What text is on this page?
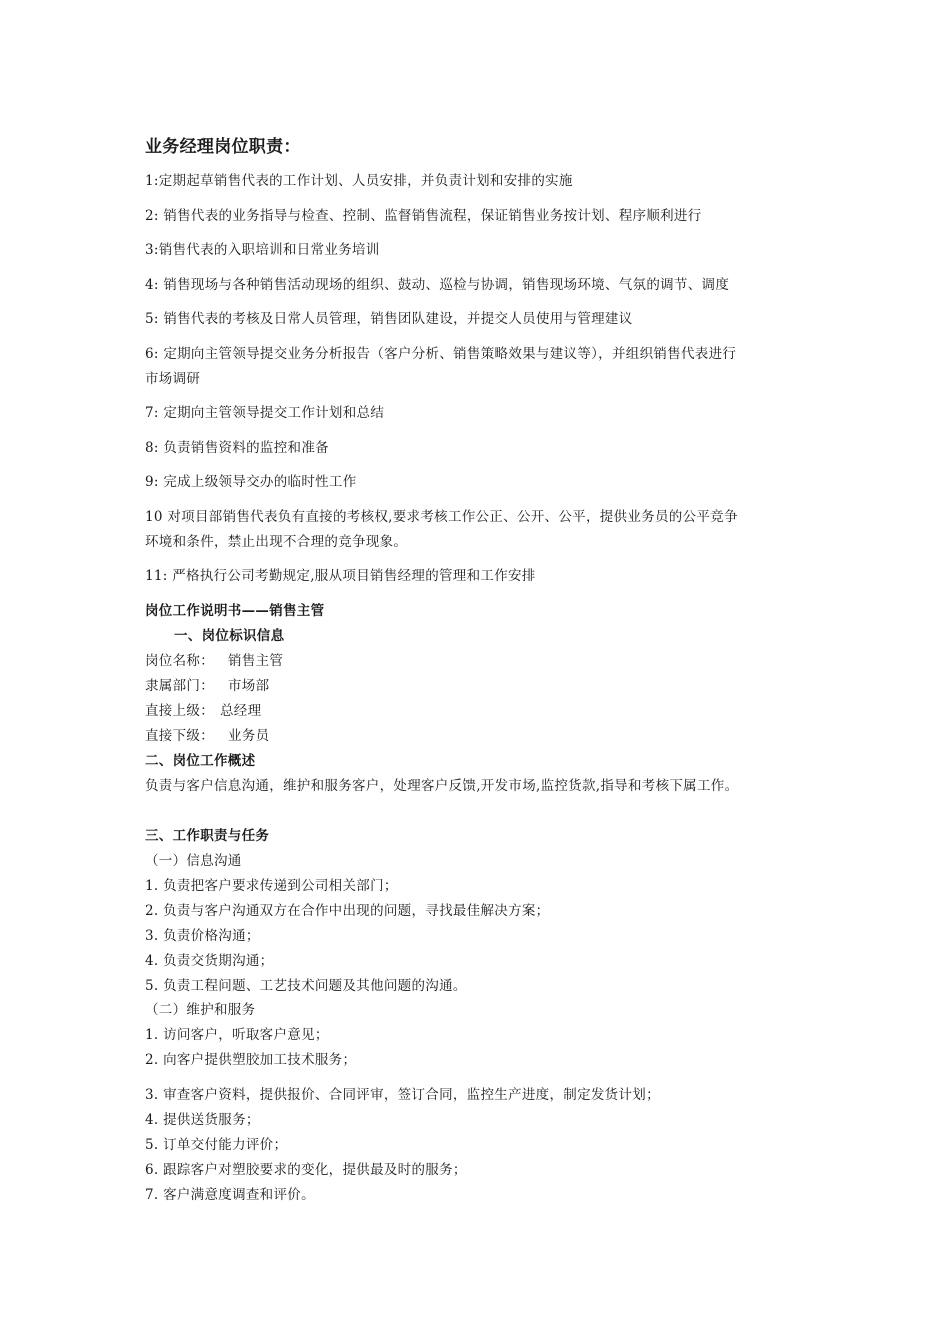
业务经理岗位职责：
1:定期起草销售代表的工作计划、人员安排，并负责计划和安排的实施
2: 销售代表的业务指导与检查、控制、监督销售流程，保证销售业务按计划、程序顺利进行
3:销售代表的入职培训和日常业务培训
4: 销售现场与各种销售活动现场的组织、鼓动、巡检与协调，销售现场环境、气氛的调节、调度
5: 销售代表的考核及日常人员管理，销售团队建设，并提交人员使用与管理建议
6: 定期向主管领导提交业务分析报告（客户分析、销售策略效果与建议等），并组织销售代表进行
市场调研
7: 定期向主管领导提交工作计划和总结
8: 负责销售资料的监控和准备
9: 完成上级领导交办的临时性工作
10 对项目部销售代表负有直接的考核权,要求考核工作公正、公开、公平，提供业务员的公平竞争
环境和条件，禁止出现不合理的竞争现象。
11: 严格执行公司考勤规定,服从项目销售经理的管理和工作安排
岗位工作说明书——销售主管
一、岗位标识信息
岗位名称： 销售主管
隶属部门： 市场部
直接上级： 总经理
直接下级： 业务员
二、岗位工作概述
负责与客户信息沟通，维护和服务客户，处理客户反馈,开发市场,监控货款,指导和考核下属工作。
三、工作职责与任务
（一）信息沟通
1. 负责把客户要求传递到公司相关部门；
2. 负责与客户沟通双方在合作中出现的问题，寻找最佳解决方案；
3. 负责价格沟通；
4. 负责交货期沟通；
5. 负责工程问题、工艺技术问题及其他问题的沟通。
（二）维护和服务
1. 访问客户，听取客户意见；
2. 向客户提供塑胶加工技术服务；
3. 审查客户资料，提供报价、合同评审，签订合同，监控生产进度，制定发货计划；
4. 提供送货服务；
5. 订单交付能力评价；
6. 跟踪客户对塑胶要求的变化，提供最及时的服务；
7. 客户满意度调查和评价。
